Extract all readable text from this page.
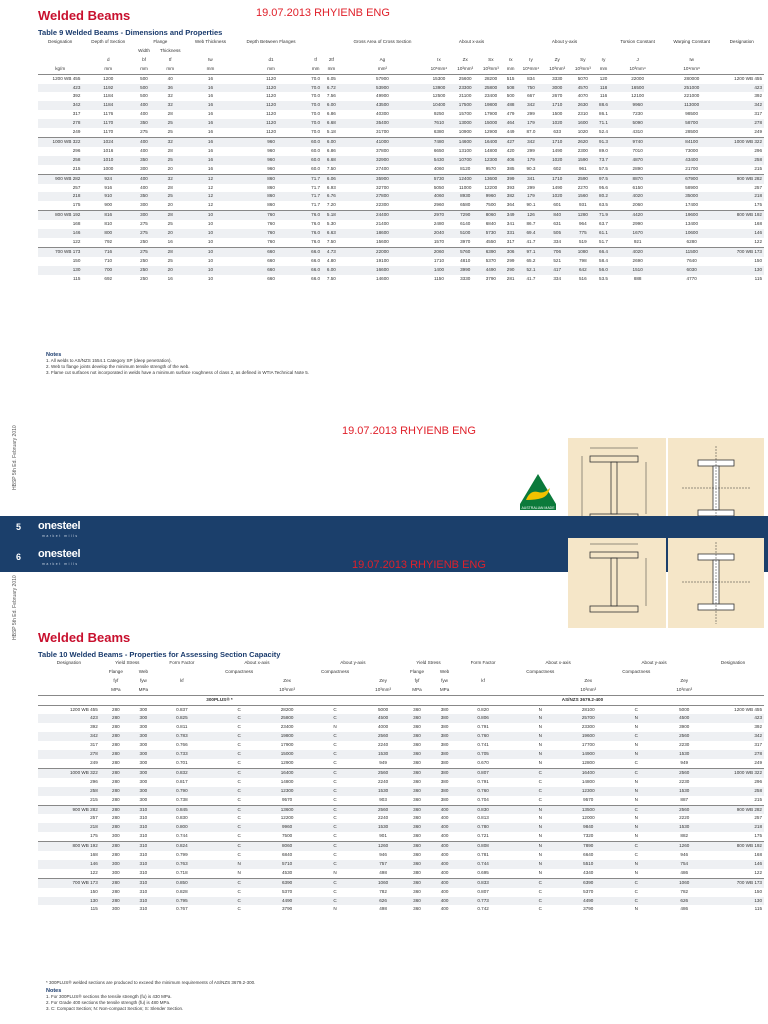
Welded Beams	19.07.2013 RHYIENB ENG
Table 9 Welded Beams - Dimensions and Properties
Designation	Depth of Section	Flange		Web Thickness	Depth Between Flanges			Gross Area of Cross Section	About x-axis				About y-axis				Torsion Constant	Warping Constant	Designation
		Width	Thickness																
	d	bf	tf	tw	d1	tf	2tf	Ag	Ix	Zx	Sx	rx	Iy	Zy	Sy	ry	J	Iw	
kg/m	mm	mm	mm	mm	mm	mm	mm	mm²	10⁶mm⁴	10³mm³	10³mm³	mm	10⁶mm⁴	10³mm³	10³mm³	mm	10³mm⁴	10⁹mm⁶	
1200 WB 455	1200	500	40	16	1120	70.0	6.05	57900	15300	25600	28200	515	834	3330	5070	120	22000	280000	1200 WB 455
423	1192	500	36	16	1120	70.0	6.72	53900	13900	23300	25800	508	750	3000	4570	118	16500	251000	423
392	1184	500	32	16	1120	70.0	7.56	49900	12500	21100	23400	500	667	2670	4070	116	12100	221000	392
342	1184	400	32	16	1120	70.0	6.00	43500	10400	17500	19800	488	342	1710	2630	88.6	9960	113000	342
317	1176	400	28	16	1120	70.0	6.86	40300	9250	15700	17900	479	299	1500	2310	86.1	7230	98500	317
278	1170	350	25	16	1120	70.0	6.68	35400	7610	13000	15000	464	179	1020	1600	71.1	5090	58700	278
249	1170	275	25	16	1120	70.0	5.18	31700	6380	10900	12900	449	87.0	633	1020	52.4	4310	28500	249
1000 WB 322	1024	400	32	16	960	60.0	6.00	41000	7480	14600	16400	427	342	1710	2620	91.3	9740	84100	1000 WB 322
296	1016	400	28	16	960	60.0	6.86	37800	6650	13100	14800	420	299	1490	2300	89.0	7010	73000	296
258	1010	350	25	16	960	60.0	6.68	32900	5430	10700	12300	406	179	1020	1590	73.7	4870	43400	258
215	1000	300	20	16	960	60.0	7.50	27400	4060	8120	9570	385	90.3	602	961	57.5	2890	21700	215
900 WB 282	924	400	32	12	860	71.7	6.06	35900	5730	12400	13600	399	341	1710	2590	97.5	8870	67900	900 WB 282
257	916	400	28	12	860	71.7	6.93	32700	5050	11000	12200	393	299	1490	2270	95.6	6150	58900	257
218	910	350	25	12	860	71.7	6.76	27800	4060	8930	9960	382	179	1020	1560	80.2	4020	35000	218
175	900	300	20	12	860	71.7	7.20	22300	2960	6580	7500	364	90.1	601	931	63.5	2060	17400	175
800 WB 192	816	300	28	10	760	76.0	5.18	24400	2970	7290	8060	349	126	840	1280	71.9	4420	19600	800 WB 192
168	810	275	25	10	760	76.0	5.30	21400	2480	6140	6840	341	86.7	631	964	63.7	2990	13400	168
146	800	275	20	10	760	76.0	6.63	18600	2040	5100	5730	331	69.4	505	775	61.1	1670	10600	146
122	792	250	16	10	760	76.0	7.50	15600	1570	3970	4550	317	41.7	334	519	51.7	921	6280	122
700 WB 173	716	275	28	10	660	66.0	4.73	22000	2060	5760	6390	306	97.1	706	1080	66.4	4020	11500	700 WB 173
150	710	250	25	10	660	66.0	4.80	19100	1710	4810	5370	299	65.2	521	798	58.4	2690	7640	150
130	700	250	20	10	660	66.0	6.00	16600	1400	3990	4490	290	52.1	417	642	56.0	1510	6030	130
115	692	250	16	10	660	66.0	7.50	14600	1150	3330	3790	281	41.7	334	516	53.5	888	4770	115
Notes
1. All welds to AS/NZS 1554.1 Category SP (deep penetration).
2. Web to flange joints develop the minimum tensile strength of the web.
3. Flame cut surfaces not incorporated in welds have a minimum surface roughness of class 2, as defined in WTIA Technical Note 5.
HBSP 5th Ed. February 2010	19.07.2013 RHYIENB ENG
AUSTRALIAN MADE
5
6
onesteel
market mills
onesteel
market mills	19.07.2013 RHYIENB ENG
Welded Beams
Table 10 Welded Beams - Properties for Assessing Section Capacity
Designation	Yield Stress		Form Factor	About x-axis		About y-axis		Yield Stress		Form Factor	About x-axis		About y-axis		Designation
	Flange	Web		Compactness		Compactness		Flange	Web		Compactness		Compactness		
	fyf	fyw	kf		Zex		Zey	fyf	fyw	kf		Zex		Zey	
	MPa	MPa			10³mm³		10³mm³	MPa	MPa			10³mm³		10³mm³	
300PLUS® *								AS/NZS 3679.2-400							
1200 WB 455	280	300	0.837	C	28200	C	5000	360	380	0.820	N	28100	C	5000	1200 WB 455
423	280	300	0.825	C	25800	C	4500	360	380	0.806	N	25700	N	4500	423
392	280	300	0.811	C	23400	N	4000	360	380	0.791	N	23300	N	3900	392
342	280	300	0.783	C	19800	C	2560	360	380	0.760	N	19600	C	2560	342
317	280	300	0.766	C	17900	C	2240	360	380	0.741	N	17700	N	2230	317
278	280	300	0.733	C	15000	C	1530	360	380	0.705	N	14900	N	1530	278
249	280	300	0.701	C	12900	C	949	360	380	0.670	N	12800	C	949	249
1000 WB 322	280	300	0.832	C	16400	C	2560	360	380	0.807	C	16400	C	2560	1000 WB 322
296	280	300	0.817	C	14800	C	2240	360	380	0.791	C	14800	N	2230	296
258	280	300	0.790	C	12300	C	1530	360	380	0.760	C	12300	N	1530	258
215	280	300	0.738	C	9570	C	903	360	380	0.704	C	9570	N	887	215
900 WB 282	280	310	0.845	C	13600	C	2560	360	400	0.830	N	13500	C	2560	900 WB 282
257	280	310	0.830	C	12200	C	2240	360	400	0.813	N	12000	N	2220	257
218	280	310	0.800	C	9960	C	1530	360	400	0.780	N	9840	N	1530	218
175	300	310	0.744	C	7500	C	901	360	400	0.721	N	7320	N	882	175
800 WB 192	280	310	0.824	C	8060	C	1260	360	400	0.808	N	7890	C	1260	800 WB 192
168	280	310	0.799	C	6840	C	946	360	400	0.781	N	6640	C	946	168
146	300	310	0.763	N	5710	C	757	360	400	0.744	N	5510	N	754	146
122	300	310	0.718	N	4530	N	498	380	400	0.695	N	4340	N	486	122
700 WB 173	280	310	0.850	C	6390	C	1060	360	400	0.833	C	6390	C	1060	700 WB 173
150	280	310	0.828	C	5370	C	782	360	400	0.807	C	5370	C	782	150
130	280	310	0.795	C	4490	C	626	360	400	0.773	C	4490	C	626	130
115	300	310	0.767	C	3790	N	498	360	400	0.742	C	3790	N	486	115
* 300PLUS® welded sections are produced to exceed the minimum requirements of AS/NZS 3679.2-300.
Notes
1. For 300PLUS® sections the tensile strength (fu) is 430 MPa.
2. For Grade 400 sections the tensile strength (fu) is 480 MPa.
3. C: Compact Section; N: Non-compact Section; S: Slender Section.
HBSP 5th Ed. February 2010
